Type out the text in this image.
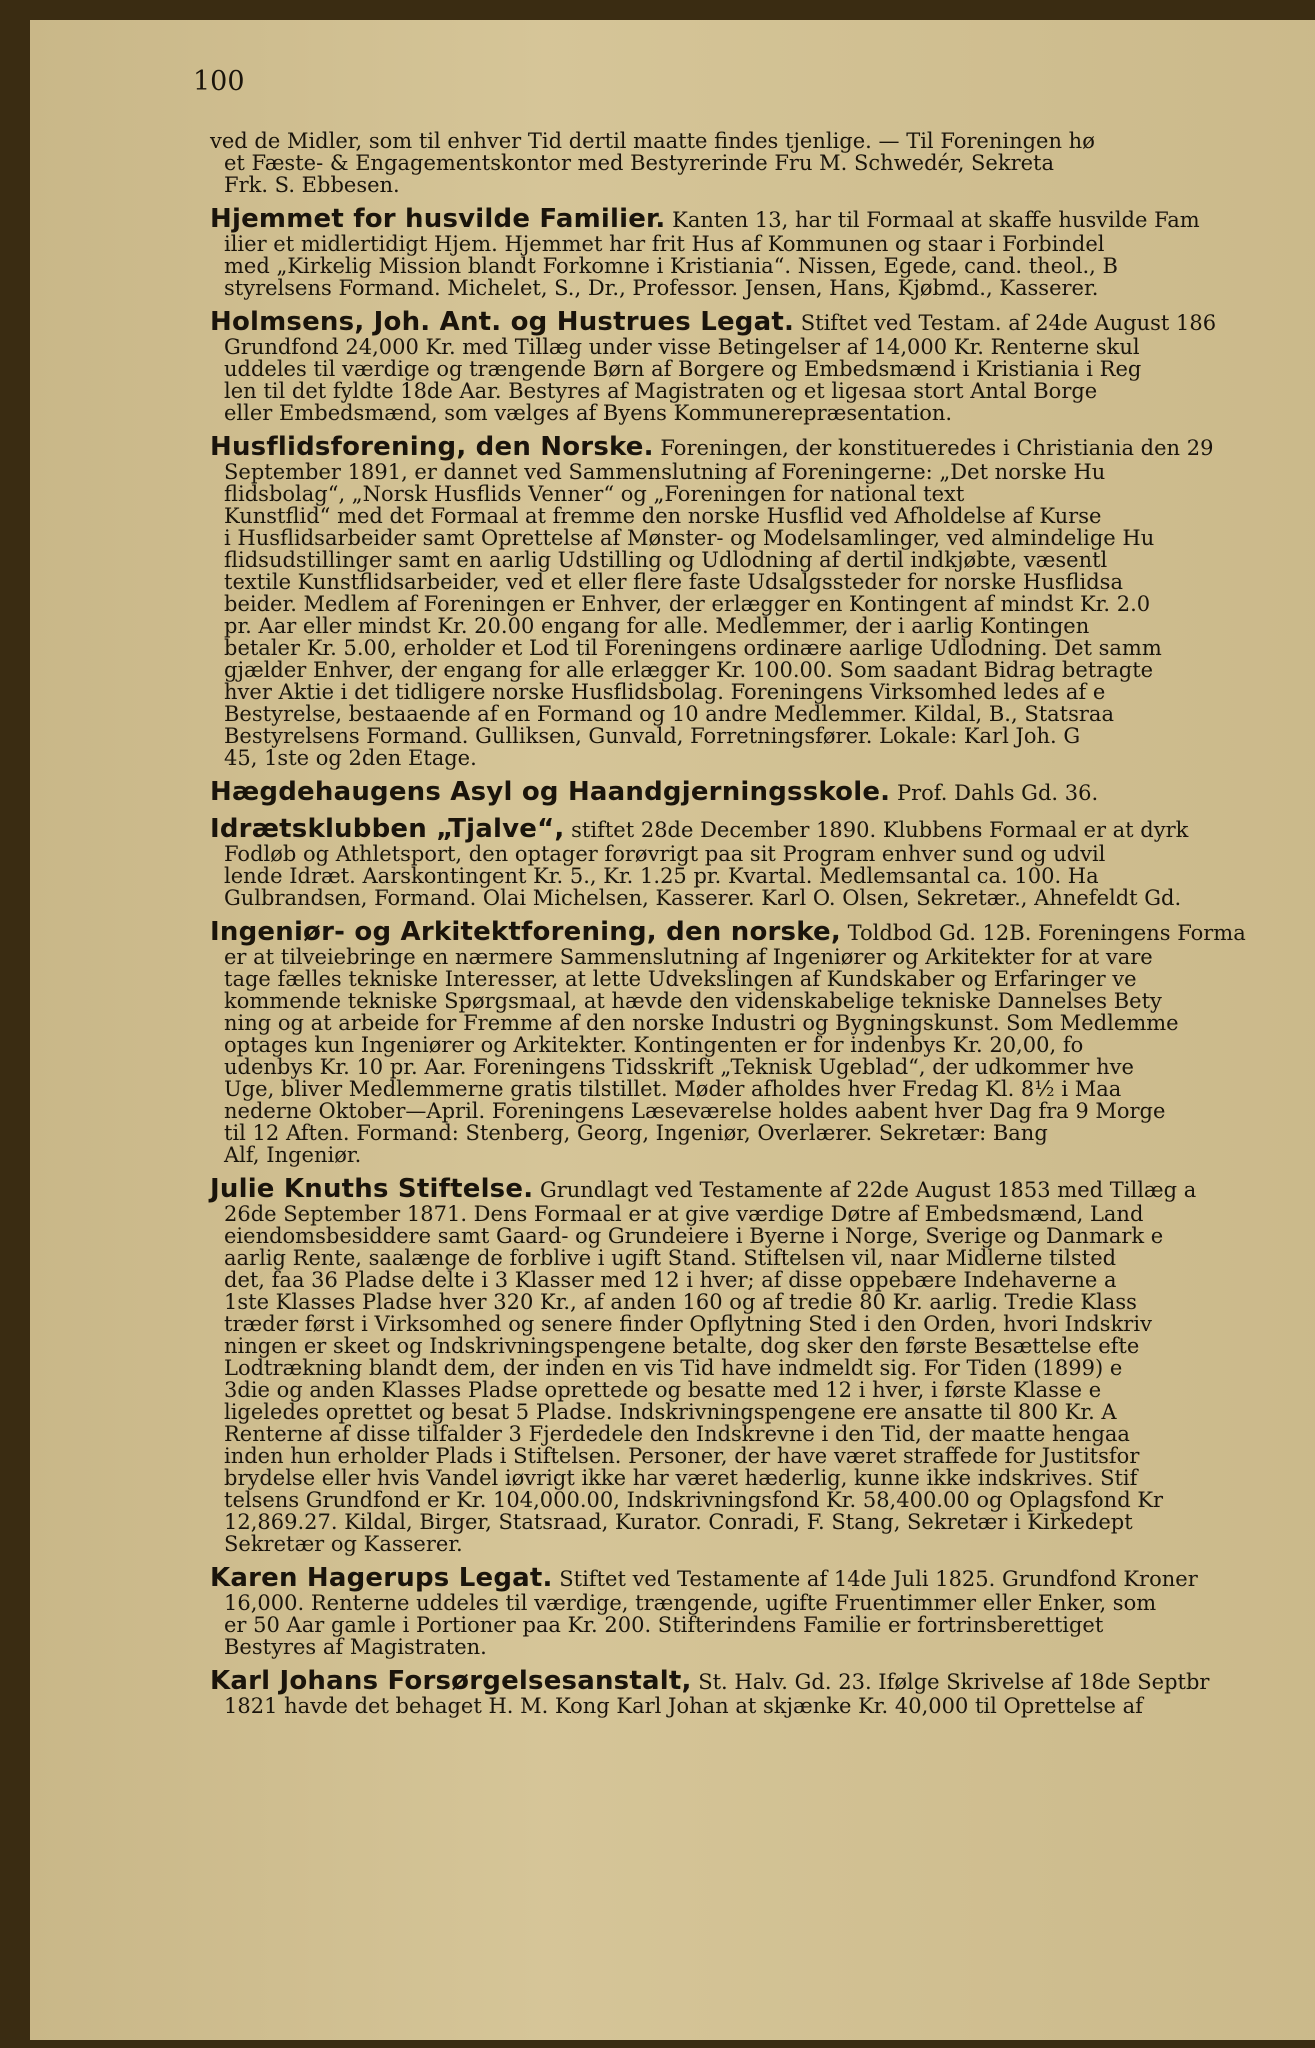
100
ved de Midler, som til enhver Tid dertil maatte findes tjenlige. — Til Foreningen hø
et Fæste- & Engagementskontor med Bestyrerinde Fru M. Schwedér, Sekreta
Frk. S. Ebbesen.
Hjemmet for husvilde Familier. Kanten 13, har til Formaal at skaffe husvilde Fam
ilier et midlertidigt Hjem. Hjemmet har frit Hus af Kommunen og staar i Forbindel
med „Kirkelig Mission blandt Forkomne i Kristiania“. Nissen, Egede, cand. theol., B
styrelsens Formand. Michelet, S., Dr., Professor. Jensen, Hans, Kjøbmd., Kasserer.
Holmsens, Joh. Ant. og Hustrues Legat. Stiftet ved Testam. af 24de August 186
Grundfond 24,000 Kr. med Tillæg under visse Betingelser af 14,000 Kr. Renterne skul
uddeles til værdige og trængende Børn af Borgere og Embedsmænd i Kristiania i Reg
len til det fyldte 18de Aar. Bestyres af Magistraten og et ligesaa stort Antal Borge
eller Embedsmænd, som vælges af Byens Kommunerepræsentation.
Husflidsforening, den Norske. Foreningen, der konstitueredes i Christiania den 29
September 1891, er dannet ved Sammenslutning af Foreningerne: „Det norske Hu
flidsbolag“, „Norsk Husflids Venner“ og „Foreningen for national text
Kunstflid“ med det Formaal at fremme den norske Husflid ved Afholdelse af Kurse
i Husflidsarbeider samt Oprettelse af Mønster- og Modelsamlinger, ved almindelige Hu
flidsudstillinger samt en aarlig Udstilling og Udlodning af dertil indkjøbte, væsentl
textile Kunstflidsarbeider, ved et eller flere faste Udsalgssteder for norske Husflidsa
beider. Medlem af Foreningen er Enhver, der erlægger en Kontingent af mindst Kr. 2.0
pr. Aar eller mindst Kr. 20.00 engang for alle. Medlemmer, der i aarlig Kontingen
betaler Kr. 5.00, erholder et Lod til Foreningens ordinære aarlige Udlodning. Det samm
gjælder Enhver, der engang for alle erlægger Kr. 100.00. Som saadant Bidrag betragte
hver Aktie i det tidligere norske Husflidsbolag. Foreningens Virksomhed ledes af e
Bestyrelse, bestaaende af en Formand og 10 andre Medlemmer. Kildal, B., Statsraa
Bestyrelsens Formand. Gulliksen, Gunvald, Forretningsfører. Lokale: Karl Joh. G
45, 1ste og 2den Etage.
Hægdehaugens Asyl og Haandgjerningsskole. Prof. Dahls Gd. 36.
Idrætsklubben „Tjalve“, stiftet 28de December 1890. Klubbens Formaal er at dyrk
Fodløb og Athletsport, den optager forøvrigt paa sit Program enhver sund og udvil
lende Idræt. Aarskontingent Kr. 5., Kr. 1.25 pr. Kvartal. Medlemsantal ca. 100. Ha
Gulbrandsen, Formand. Olai Michelsen, Kasserer. Karl O. Olsen, Sekretær., Ahnefeldt Gd.
Ingeniør- og Arkitektforening, den norske, Toldbod Gd. 12B. Foreningens Forma
er at tilveiebringe en nærmere Sammenslutning af Ingeniører og Arkitekter for at vare
tage fælles tekniske Interesser, at lette Udvekslingen af Kundskaber og Erfaringer ve
kommende tekniske Spørgsmaal, at hævde den videnskabelige tekniske Dannelses Bety
ning og at arbeide for Fremme af den norske Industri og Bygningskunst. Som Medlemme
optages kun Ingeniører og Arkitekter. Kontingenten er for indenbys Kr. 20,00, fo
udenbys Kr. 10 pr. Aar. Foreningens Tidsskrift „Teknisk Ugeblad“, der udkommer hve
Uge, bliver Medlemmerne gratis tilstillet. Møder afholdes hver Fredag Kl. 8½ i Maa
nederne Oktober—April. Foreningens Læseværelse holdes aabent hver Dag fra 9 Morge
til 12 Aften. Formand: Stenberg, Georg, Ingeniør, Overlærer. Sekretær: Bang
Alf, Ingeniør.
Julie Knuths Stiftelse. Grundlagt ved Testamente af 22de August 1853 med Tillæg a
26de September 1871. Dens Formaal er at give værdige Døtre af Embedsmænd, Land
eiendomsbesiddere samt Gaard- og Grundeiere i Byerne i Norge, Sverige og Danmark e
aarlig Rente, saalænge de forblive i ugift Stand. Stiftelsen vil, naar Midlerne tilsted
det, faa 36 Pladse delte i 3 Klasser med 12 i hver; af disse oppebære Indehaverne a
1ste Klasses Pladse hver 320 Kr., af anden 160 og af tredie 80 Kr. aarlig. Tredie Klass
træder først i Virksomhed og senere finder Opflytning Sted i den Orden, hvori Indskriv
ningen er skeet og Indskrivningspengene betalte, dog sker den første Besættelse efte
Lodtrækning blandt dem, der inden en vis Tid have indmeldt sig. For Tiden (1899) e
3die og anden Klasses Pladse oprettede og besatte med 12 i hver, i første Klasse e
ligeledes oprettet og besat 5 Pladse. Indskrivningspengene ere ansatte til 800 Kr. A
Renterne af disse tilfalder 3 Fjerdedele den Indskrevne i den Tid, der maatte hengaa
inden hun erholder Plads i Stiftelsen. Personer, der have været straffede for Justitsfor
brydelse eller hvis Vandel iøvrigt ikke har været hæderlig, kunne ikke indskrives. Stif
telsens Grundfond er Kr. 104,000.00, Indskrivningsfond Kr. 58,400.00 og Oplagsfond Kr
12,869.27. Kildal, Birger, Statsraad, Kurator. Conradi, F. Stang, Sekretær i Kirkedept
Sekretær og Kasserer.
Karen Hagerups Legat. Stiftet ved Testamente af 14de Juli 1825. Grundfond Kroner
16,000. Renterne uddeles til værdige, trængende, ugifte Fruentimmer eller Enker, som
er 50 Aar gamle i Portioner paa Kr. 200. Stifterindens Familie er fortrinsberettiget
Bestyres af Magistraten.
Karl Johans Forsørgelsesanstalt, St. Halv. Gd. 23. Ifølge Skrivelse af 18de Septbr
1821 havde det behaget H. M. Kong Karl Johan at skjænke Kr. 40,000 til Oprettelse af
